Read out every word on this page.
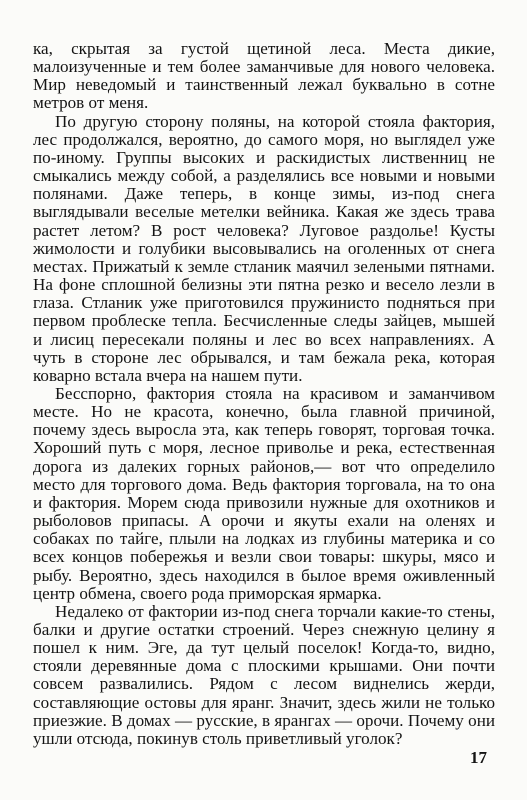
ка, скрытая за густой щетиной леса. Места дикие, малоизученные и тем более заманчивые для нового человека. Мир неведомый и таинственный лежал буквально в сотне метров от меня.

По другую сторону поляны, на которой стояла фактория, лес продолжался, вероятно, до самого моря, но выглядел уже по-иному. Группы высоких и раскидистых лиственниц не смыкались между собой, а разделялись все новыми и новыми полянами. Даже теперь, в конце зимы, из-под снега выглядывали веселые метелки вейника. Какая же здесь трава растет летом? В рост человека? Луговое раздолье! Кусты жимолости и голубики высовывались на оголенных от снега местах. Прижатый к земле стланик маячил зелеными пятнами. На фоне сплошной белизны эти пятна резко и весело лезли в глаза. Стланик уже приготовился пружинисто подняться при первом проблеске тепла. Бесчисленные следы зайцев, мышей и лисиц пересекали поляны и лес во всех направлениях. А чуть в стороне лес обрывался, и там бежала река, которая коварно встала вчера на нашем пути.

Бесспорно, фактория стояла на красивом и заманчивом месте. Но не красота, конечно, была главной причиной, почему здесь выросла эта, как теперь говорят, торговая точка. Хороший путь с моря, лесное приволье и река, естественная дорога из далеких горных районов,— вот что определило место для торгового дома. Ведь фактория торговала, на то она и фактория. Морем сюда привозили нужные для охотников и рыболовов припасы. А орочи и якуты ехали на оленях и собаках по тайге, плыли на лодках из глубины материка и со всех концов побережья и везли свои товары: шкуры, мясо и рыбу. Вероятно, здесь находился в былое время оживленный центр обмена, своего рода приморская ярмарка.

Недалеко от фактории из-под снега торчали какие-то стены, балки и другие остатки строений. Через снежную целину я пошел к ним. Эге, да тут целый поселок! Когда-то, видно, стояли деревянные дома с плоскими крышами. Они почти совсем развалились. Рядом с лесом виднелись жерди, составляющие остовы для яранг. Значит, здесь жили не только приезжие. В домах — русские, в ярангах — орочи. Почему они ушли отсюда, покинув столь приветливый уголок?

17
